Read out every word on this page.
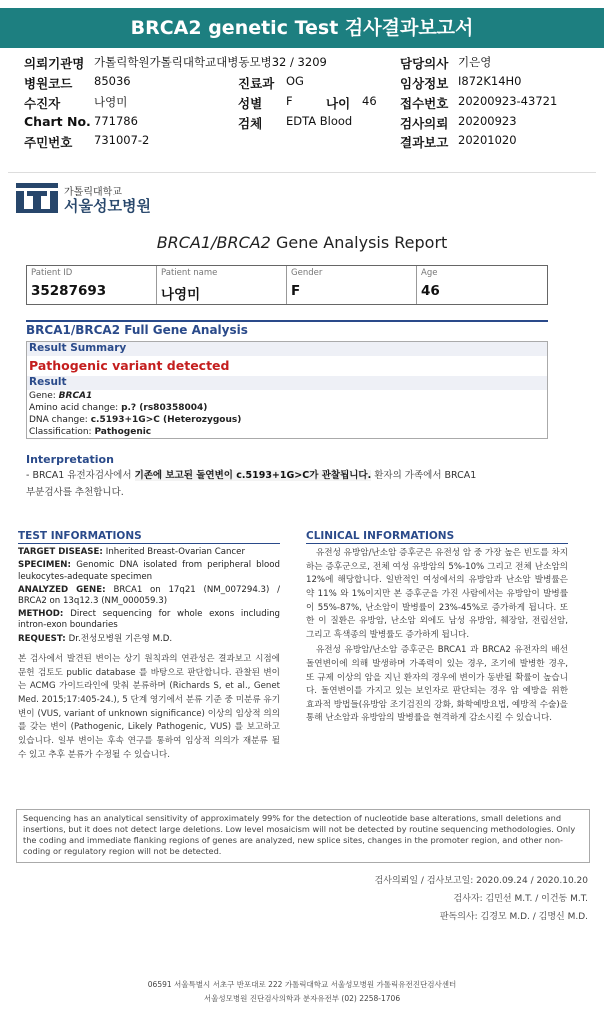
BRCA2 genetic Test 검사결과보고서
의뢰기관명 가톨릭학원가톨릭대학교대병동모병32 / 3209	담당의사 기은영
병원코드 85036	진료과 OG	임상정보 I872K14H0
수진자	나영미	성별 F	나이 46 접수번호 20200923-43721
Chart No. 771786	검체 EDTA Blood	검사의뢰 20200923
주민번호 731007-2	결과보고 20201020
가톨릭대학교
서울성모병원
BRCA1/BRCA2 Gene Analysis Report
Patient ID
35287693
Patient name
나영미
Gender
F
Age
46
BRCA1/BRCA2 Full Gene Analysis
Result Summary
Pathogenic variant detected
Result
Gene: BRCA1
Amino acid change: p.? (rs80358004)
DNA change: c.5193+1G>C (Heterozygous)
Classification: Pathogenic
Interpretation
- BRCA1 유전자검사에서 기존에 보고된 돌연변이 c.5193+1G>C가 관찰됩니다. 환자의 가족에서 BRCA1
부분검사를 추천합니다.
TEST INFORMATIONS

TARGET DISEASE: Inherited Breast-Ovarian Cancer

SPECIMEN: Genomic DNA isolated from peripheral blood leukocytes-adequate specimen

ANALYZED GENE: BRCA1 on 17q21 (NM_007294.3) / BRCA2 on 13q12.3 (NM_000059.3)

METHOD: Direct sequencing for whole exons including intron-exon boundaries

REQUEST: Dr.전성모병원 기은영 M.D.

본 검사에서 발견된 변이는 상기 원칙과의 연관성은 결과보고 시점에 문헌 검토도 public database 를 바탕으로 판단합니다. 관찰된 변이는 ACMG 가이드라인에 맞춰 분류하며 (Richards S, et al., Genet Med. 2015;17:405-24.), 5 단계 영기에서 분류 기준 중 미분류 유기변이 (VUS, variant of unknown significance) 이상의 임상적 의의를 갖는 변이 (Pathogenic, Likely Pathogenic, VUS) 를 보고하고 있습니다. 일부 변이는 후속 연구를 통하여 임상적 의의가 재분류 될 수 있고 추후 분류가 수정될 수 있습니다.

CLINICAL INFORMATIONS

유전성 유방암/난소암 증후군은 유전성 암 중 가장 높은 빈도를 차지하는 증후군으로, 전체 여성 유방암의 5%-10% 그리고 전체 난소암의 12%에 해당합니다. 일반적인 여성에서의 유방암과 난소암 발병률은 약 11% 와 1%이지만 본 증후군을 가진 사람에서는 유방암이 발병률이 55%-87%, 난소암이 발병률이 23%-45%로 증가하게 됩니다. 또한 이 질환은 유방암, 난소암 외에도 남성 유방암, 췌장암, 전립선암, 그리고 흑색종의 발병률도 증가하게 됩니다.

유전성 유방암/난소암 증후군은 BRCA1 과 BRCA2 유전자의 배선 돌연변이에 의해 발생하며 가족력이 있는 경우, 조기에 발병한 경우, 또 규제 이상의 암을 지닌 환자의 경우에 변이가 동반될 확률이 높습니다. 돌연변이를 가지고 있는 보인자로 판단되는 경우 암 예방을 위한 효과적 방법들(유방암 조기검진의 강화, 화학예방요법, 예방적 수술)을 통해 난소암과 유방암의 발병률을 현격하게 감소시킬 수 있습니다.

Sequencing has an analytical sensitivity of approximately 99% for the detection of nucleotide base alterations, small deletions and insertions, but it does not detect large deletions. Low level mosaicism will not be detected by routine sequencing methodologies. Only the coding and immediate flanking regions of genes are analyzed, new splice sites, changes in the promoter region, and other non-coding or regulatory region will not be detected.
검사의뢰일 / 검사보고일: 2020.09.24 / 2020.10.20
검사자: 김민선 M.T. / 이건동 M.T.
판독의사: 김경모 M.D. / 김명신 M.D.
06591 서울특별시 서초구 반포대로 222 가톨릭대학교 서울성모병원 가톨릭유전진단검사센터
서울성모병원 진단검사의학과 분자유전부 (02) 2258-1706
